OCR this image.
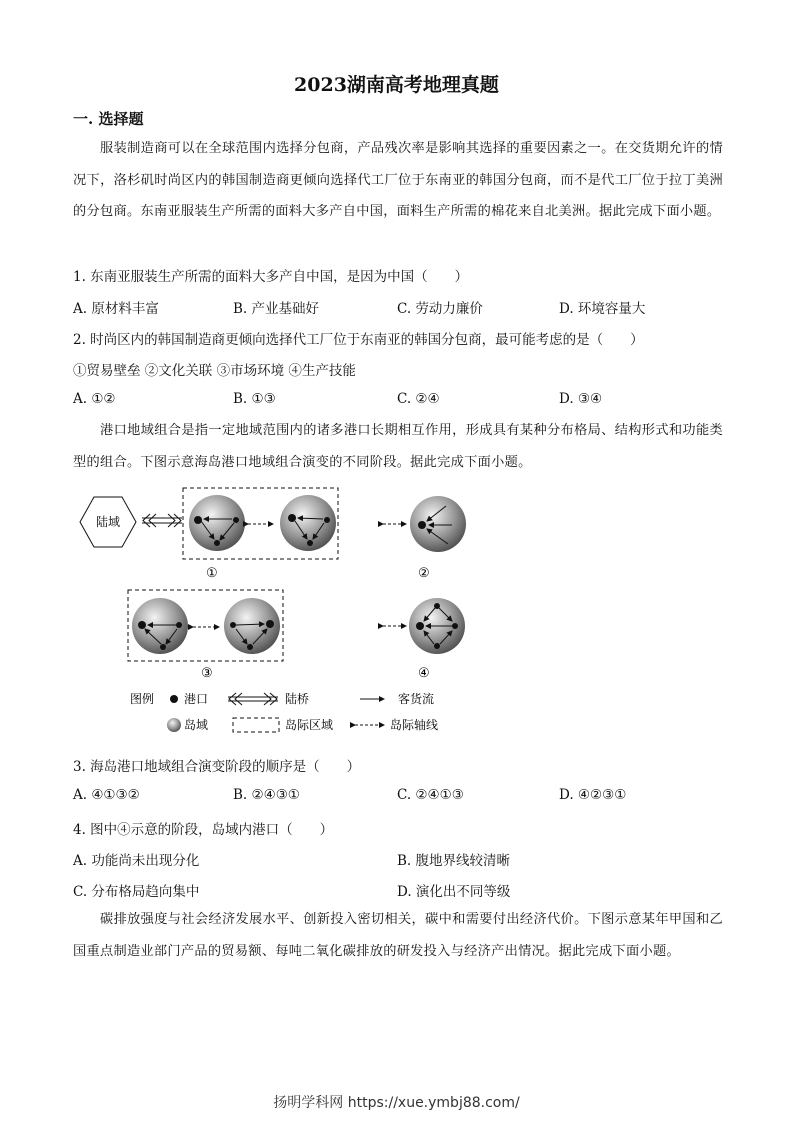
2023湖南高考地理真题
一. 选择题
服装制造商可以在全球范围内选择分包商，产品残次率是影响其选择的重要因素之一。在交货期允许的情况下，洛杉矶时尚区内的韩国制造商更倾向选择代工厂位于东南亚的韩国分包商，而不是代工厂位于拉丁美洲的分包商。东南亚服装生产所需的面料大多产自中国，面料生产所需的棉花来自北美洲。据此完成下面小题。
1. 东南亚服装生产所需的面料大多产自中国，是因为中国（　　）
A. 原材料丰富	B. 产业基础好	C. 劳动力廉价	D. 环境容量大
2. 时尚区内的韩国制造商更倾向选择代工厂位于东南亚的韩国分包商，最可能考虑的是（　　）
①贸易壁垒 ②文化关联 ③市场环境 ④生产技能
A. ①②	B. ①③	C. ②④	D. ③④
港口地域组合是指一定地域范围内的诸多港口长期相互作用，形成具有某种分布格局、结构形式和功能类型的组合。下图示意海岛港口地域组合演变的不同阶段。据此完成下面小题。
陆域
①	②
③	④
图例 港口	陆桥	客货流
岛域	岛际区域	岛际轴线
3. 海岛港口地域组合演变阶段的顺序是（　　）
A. ④①③②	B. ②④③①	C. ②④①③	D. ④②③①
4. 图中④示意的阶段，岛域内港口（　　）
A. 功能尚未出现分化	B. 腹地界线较清晰
C. 分布格局趋向集中	D. 演化出不同等级
碳排放强度与社会经济发展水平、创新投入密切相关，碳中和需要付出经济代价。下图示意某年甲国和乙国重点制造业部门产品的贸易额、每吨二氧化碳排放的研发投入与经济产出情况。据此完成下面小题。
扬明学科网 https://xue.ymbj88.com/
